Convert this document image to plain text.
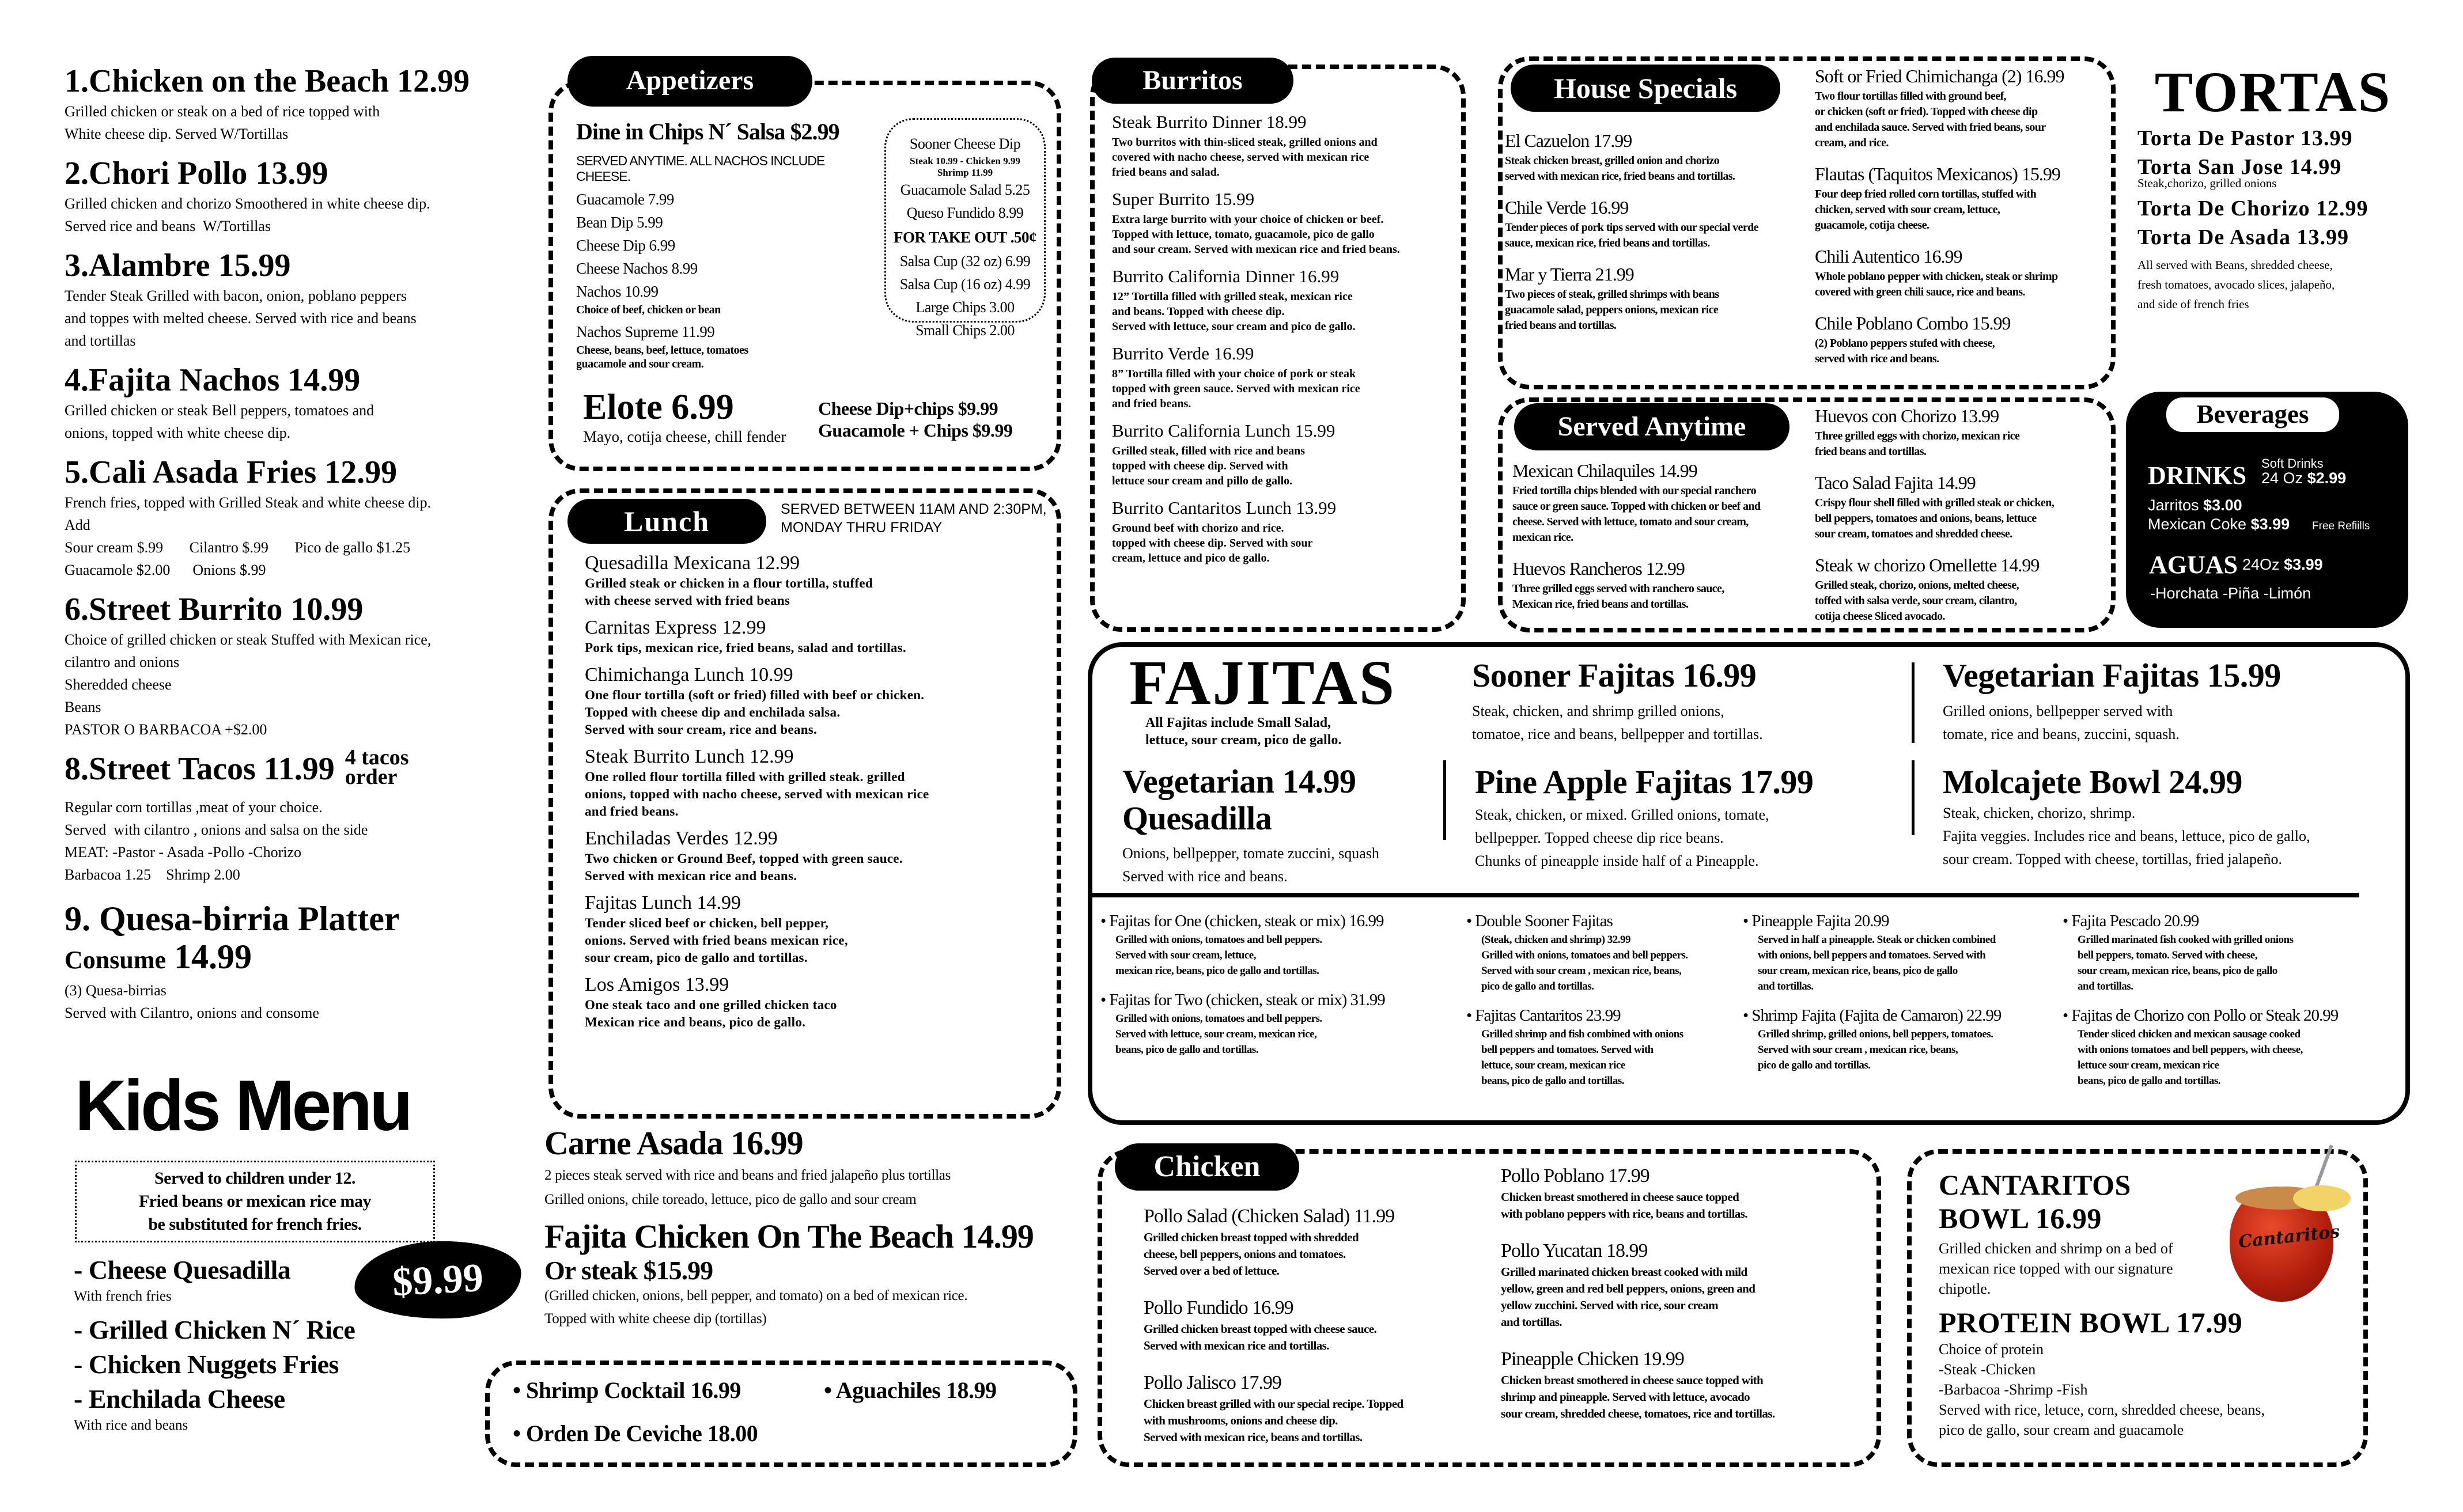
1.Chicken on the Beach 12.99
Grilled chicken or steak on a bed of rice topped with
White cheese dip. Served W/Tortillas
2.Chori Pollo 13.99
Grilled chicken and chorizo Smoothered in white cheese dip.
Served rice and beans  W/Tortillas
3.Alambre 15.99
Tender Steak Grilled with bacon, onion, poblano peppers
and toppes with melted cheese. Served with rice and beans
and tortillas
4.Fajita Nachos 14.99
Grilled chicken or steak Bell peppers, tomatoes and
onions, topped with white cheese dip.
5.Cali Asada Fries 12.99
French fries, topped with Grilled Steak and white cheese dip.
Add
Sour cream $.99       Cilantro $.99       Pico de gallo $1.25
Guacamole $2.00      Onions $.99
6.Street Burrito 10.99
Choice of grilled chicken or steak Stuffed with Mexican rice,
cilantro and onions
Sheredded cheese
Beans
PASTOR O BARBACOA +$2.00
8.Street Tacos 11.99 4 tacos
order
Regular corn tortillas ,meat of your choice.
Served  with cilantro , onions and salsa on the side
MEAT: -Pastor - Asada -Pollo -Chorizo
Barbacoa 1.25    Shrimp 2.00
9. Quesa-birria Platter
Consume 14.99
(3) Quesa-birrias
Served with Cilantro, onions and consome
Kids Menu
Served to children under 12.
Fried beans or mexican rice may
be substituted for french fries.
- Cheese Quesadilla
With french fries
- Grilled Chicken N´ Rice
- Chicken Nuggets Fries
- Enchilada Cheese
With rice and beans
$9.99
Appetizers
Dine in Chips N´ Salsa $2.99
SERVED ANYTIME. ALL NACHOS INCLUDE CHEESE.
Guacamole 7.99
Bean Dip 5.99
Cheese Dip 6.99
Cheese Nachos 8.99
Nachos 10.99
Choice of beef, chicken or bean
Nachos Supreme 11.99
Cheese, beans, beef, lettuce, tomatoes
guacamole and sour cream.
Sooner Cheese Dip
Steak 10.99 - Chicken 9.99
Shrimp 11.99
Guacamole Salad 5.25
Queso Fundido 8.99
FOR TAKE OUT .50¢
Salsa Cup (32 oz) 6.99
Salsa Cup (16 oz) 4.99
Large Chips 3.00
Small Chips 2.00
Elote 6.99
Mayo, cotija cheese, chill fender
Cheese Dip+chips $9.99
Guacamole + Chips $9.99
Lunch	SERVED BETWEEN 11AM AND 2:30PM,
MONDAY THRU FRIDAY
Quesadilla Mexicana 12.99
Grilled steak or chicken in a flour tortilla, stuffed
with cheese served with fried beans
Carnitas Express 12.99
Pork tips, mexican rice, fried beans, salad and tortillas.
Chimichanga Lunch 10.99
One flour tortilla (soft or fried) filled with beef or chicken.
Topped with cheese dip and enchilada salsa.
Served with sour cream, rice and beans.
Steak Burrito Lunch 12.99
One rolled flour tortilla filled with grilled steak. grilled
onions, topped with nacho cheese, served with mexican rice
and fried beans.
Enchiladas Verdes 12.99
Two chicken or Ground Beef, topped with green sauce.
Served with mexican rice and beans.
Fajitas Lunch 14.99
Tender sliced beef or chicken, bell pepper,
onions. Served with fried beans mexican rice,
sour cream, pico de gallo and tortillas.
Los Amigos 13.99
One steak taco and one grilled chicken taco
Mexican rice and beans, pico de gallo.
Carne Asada 16.99
2 pieces steak served with rice and beans and fried jalapeño plus tortillas
Grilled onions, chile toreado, lettuce, pico de gallo and sour cream
Fajita Chicken On The Beach 14.99
Or steak $15.99
(Grilled chicken, onions, bell pepper, and tomato) on a bed of mexican rice.
Topped with white cheese dip (tortillas)
• Shrimp Cocktail 16.99	• Aguachiles 18.99
• Orden De Ceviche 18.00
Burritos
Steak Burrito Dinner 18.99
Two burritos with thin-sliced steak, grilled onions and
covered with nacho cheese, served with mexican rice
fried beans and salad.
Super Burrito 15.99
Extra large burrito with your choice of chicken or beef.
Topped with lettuce, tomato, guacamole, pico de gallo
and sour cream. Served with mexican rice and fried beans.
Burrito California Dinner 16.99
12” Tortilla filled with grilled steak, mexican rice
and beans. Topped with cheese dip.
Served with lettuce, sour cream and pico de gallo.
Burrito Verde 16.99
8” Tortilla filled with your choice of pork or steak
topped with green sauce. Served with mexican rice
and fried beans.
Burrito California Lunch 15.99
Grilled steak, filled with rice and beans
topped with cheese dip. Served with
lettuce sour cream and pillo de gallo.
Burrito Cantaritos Lunch 13.99
Ground beef with chorizo and rice.
topped with cheese dip. Served with sour
cream, lettuce and pico de gallo.
House Specials
El Cazuelon 17.99
Steak chicken breast, grilled onion and chorizo
served with mexican rice, fried beans and tortillas.
Chile Verde 16.99
Tender pieces of pork tips served with our special verde
sauce, mexican rice, fried beans and tortillas.
Mar y Tierra 21.99
Two pieces of steak, grilled shrimps with beans
guacamole salad, peppers onions, mexican rice
fried beans and tortillas.
Soft or Fried Chimichanga (2) 16.99
Two flour tortillas filled with ground beef,
or chicken (soft or fried). Topped with cheese dip
and enchilada sauce. Served with fried beans, sour
cream, and rice.
Flautas (Taquitos Mexicanos) 15.99
Four deep fried rolled corn tortillas, stuffed with
chicken, served with sour cream, lettuce,
guacamole, cotija cheese.
Chili Autentico 16.99
Whole poblano pepper with chicken, steak or shrimp
covered with green chili sauce, rice and beans.
Chile Poblano Combo 15.99
(2) Poblano peppers stufed with cheese,
served with rice and beans.
Served Anytime
Mexican Chilaquiles 14.99
Fried tortilla chips blended with our special ranchero
sauce or green sauce. Topped with chicken or beef and
cheese. Served with lettuce, tomato and sour cream,
mexican rice.
Huevos Rancheros 12.99
Three grilled eggs served with ranchero sauce,
Mexican rice, fried beans and tortillas.
Huevos con Chorizo 13.99
Three grilled eggs with chorizo, mexican rice
fried beans and tortillas.
Taco Salad Fajita 14.99
Crispy flour shell filled with grilled steak or chicken,
bell peppers, tomatoes and onions, beans, lettuce
sour cream, tomatoes and shredded cheese.
Steak w chorizo Omellette 14.99
Grilled steak, chorizo, onions, melted cheese,
toffed with salsa verde, sour cream, cilantro,
cotija cheese Sliced avocado.
TORTAS
Torta De Pastor 13.99
Torta San Jose 14.99
Steak,chorizo, grilled onions
Torta De Chorizo 12.99
Torta De Asada 13.99
All served with Beans, shredded cheese,
fresh tomatoes, avocado slices, jalapeño,
and side of french fries
Beverages
DRINKS Soft Drinks
24 Oz $2.99
Jarritos $3.00
Mexican Coke $3.99 Free Refiills
AGUAS 24Oz $3.99
-Horchata -Piña -Limón
FAJITAS
All Fajitas include Small Salad,
lettuce, sour cream, pico de gallo.
Sooner Fajitas 16.99
Steak, chicken, and shrimp grilled onions,
tomatoe, rice and beans, bellpepper and tortillas.
Vegetarian Fajitas 15.99
Grilled onions, bellpepper served with
tomate, rice and beans, zuccini, squash.
Vegetarian 14.99
Quesadilla
Onions, bellpepper, tomate zuccini, squash
Served with rice and beans.
Pine Apple Fajitas 17.99
Steak, chicken, or mixed. Grilled onions, tomate,
bellpepper. Topped cheese dip rice beans.
Chunks of pineapple inside half of a Pineapple.
Molcajete Bowl 24.99
Steak, chicken, chorizo, shrimp.
Fajita veggies. Includes rice and beans, lettuce, pico de gallo,
sour cream. Topped with cheese, tortillas, fried jalapeño.
• Fajitas for One (chicken, steak or mix) 16.99
Grilled with onions, tomatoes and bell peppers.
Served with sour cream, lettuce,
mexican rice, beans, pico de gallo and tortillas.
• Fajitas for Two (chicken, steak or mix) 31.99
Grilled with onions, tomatoes and bell peppers.
Served with lettuce, sour cream, mexican rice,
beans, pico de gallo and tortillas.
• Double Sooner Fajitas
(Steak, chicken and shrimp) 32.99
Grilled with onions, tomatoes and bell peppers.
Served with sour cream , mexican rice, beans,
pico de gallo and tortillas.
• Fajitas Cantaritos 23.99
Grilled shrimp and fish combined with onions
bell peppers and tomatoes. Served with
lettuce, sour cream, mexican rice
beans, pico de gallo and tortillas.
• Pineapple Fajita 20.99
Served in half a pineapple. Steak or chicken combined
with onions, bell peppers and tomatoes. Served with
sour cream, mexican rice, beans, pico de gallo
and tortillas.
• Shrimp Fajita (Fajita de Camaron) 22.99
Grilled shrimp, grilled onions, bell peppers, tomatoes.
Served with sour cream , mexican rice, beans,
pico de gallo and tortillas.
• Fajita Pescado 20.99
Grilled marinated fish cooked with grilled onions
bell peppers, tomato. Served with cheese,
sour cream, mexican rice, beans, pico de gallo
and tortillas.
• Fajitas de Chorizo con Pollo or Steak 20.99
Tender sliced chicken and mexican sausage cooked
with onions tomatoes and bell peppers, with cheese,
lettuce sour cream, mexican rice
beans, pico de gallo and tortillas.
Chicken
Pollo Salad (Chicken Salad) 11.99
Grilled chicken breast topped with shredded
cheese, bell peppers, onions and tomatoes.
Served over a bed of lettuce.
Pollo Fundido 16.99
Grilled chicken breast topped with cheese sauce.
Served with mexican rice and tortillas.
Pollo Jalisco 17.99
Chicken breast grilled with our special recipe. Topped
with mushrooms, onions and cheese dip.
Served with mexican rice, beans and tortillas.
Pollo Poblano 17.99
Chicken breast smothered in cheese sauce topped
with poblano peppers with rice, beans and tortillas.
Pollo Yucatan 18.99
Grilled marinated chicken breast cooked with mild
yellow, green and red bell peppers, onions, green and
yellow zucchini. Served with rice, sour cream
and tortillas.
Pineapple Chicken 19.99
Chicken breast smothered in cheese sauce topped with
shrimp and pineapple. Served with lettuce, avocado
sour cream, shredded cheese, tomatoes, rice and tortillas.
CANTARITOS
BOWL 16.99
Grilled chicken and shrimp on a bed of
mexican rice topped with our signature
chipotle.
PROTEIN BOWL 17.99
Choice of protein
-Steak -Chicken
-Barbacoa -Shrimp -Fish
Served with rice, letuce, corn, shredded cheese, beans,
pico de gallo, sour cream and guacamole
Cantaritos
